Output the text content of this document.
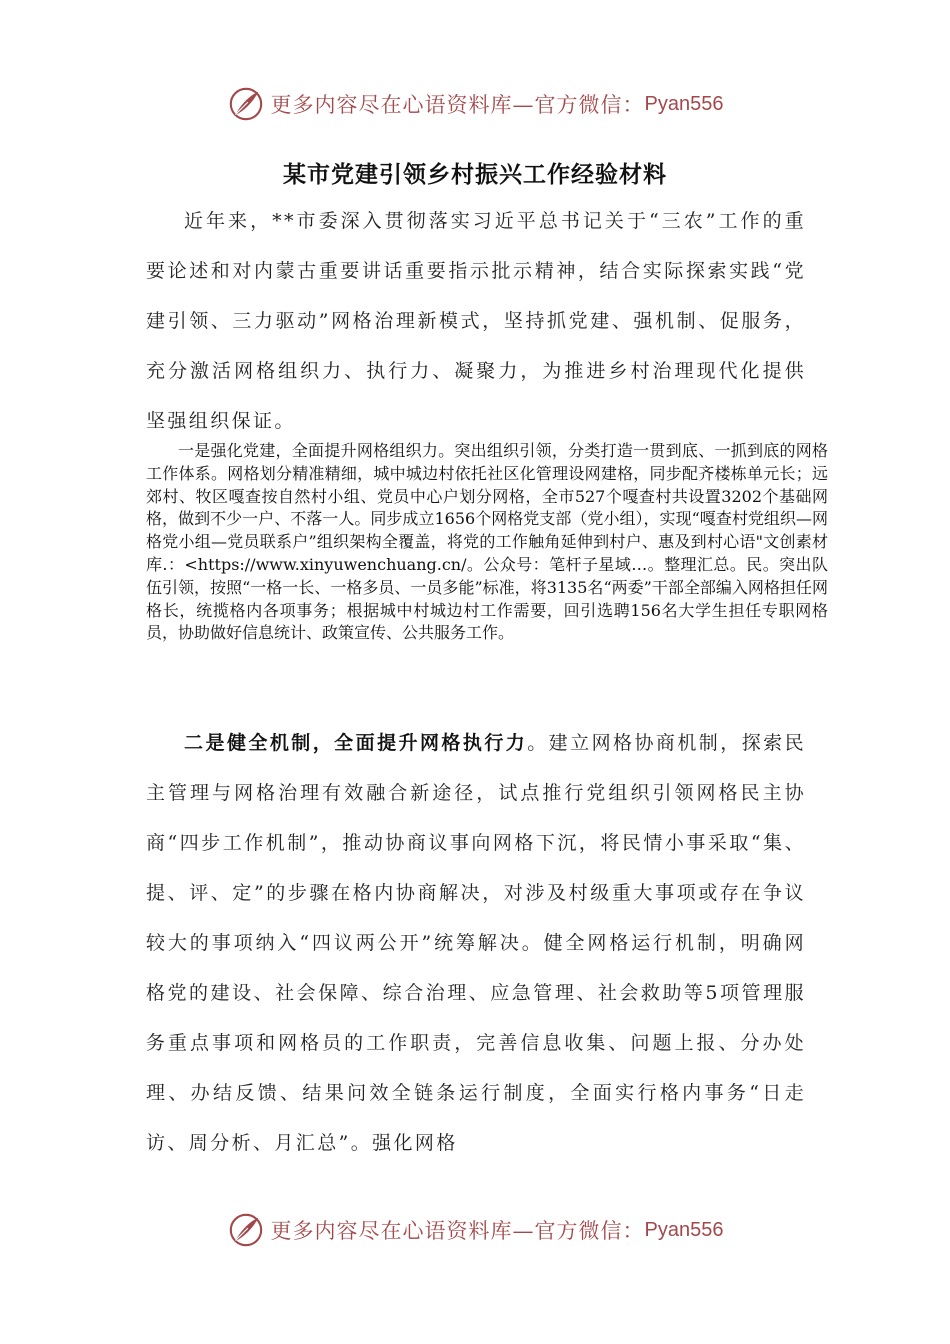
更多内容尽在心语资料库—官方微信： Pyan556
某市党建引领乡村振兴工作经验材料

近年来，**市委深入贯彻落实习近平总书记关于“三农”工作的重要论述和对内蒙古重要讲话重要指示批示精神，结合实际探索实践“党建引领、三力驱动”网格治理新模式，坚持抓党建、强机制、促服务，充分激活网格组织力、执行力、凝聚力，为推进乡村治理现代化提供坚强组织保证。

一是强化党建，全面提升网格组织力。突出组织引领，分类打造一贯到底、一抓到底的网格工作体系。网格划分精准精细，城中城边村依托社区化管理设网建格，同步配齐楼栋单元长；远郊村、牧区嘎查按自然村小组、党员中心户划分网格，全市527个嘎查村共设置3202个基础网格，做到不少一户、不落一人。同步成立1656个网格党支部（党小组），实现“嘎查村党组织—网格党小组—党员联系户”组织架构全覆盖，将党的工作触角延伸到村户、惠及到村心语"文创素材库.：<https://www.xinyuwenchuang.cn/。公众号：笔杆子星域…。整理汇总。民。突出队伍引领，按照“一格一长、一格多员、一员多能”标准，将3135名“两委”干部全部编入网格担任网格长，统揽格内各项事务；根据城中村城边村工作需要，回引选聘156名大学生担任专职网格员，协助做好信息统计、政策宣传、公共服务工作。

二是健全机制，全面提升网格执行力。建立网格协商机制，探索民主管理与网格治理有效融合新途径，试点推行党组织引领网格民主协商“四步工作机制”，推动协商议事向网格下沉，将民情小事采取“集、提、评、定”的步骤在格内协商解决，对涉及村级重大事项或存在争议较大的事项纳入“四议两公开”统筹解决。健全网格运行机制，明确网格党的建设、社会保障、综合治理、应急管理、社会救助等5项管理服务重点事项和网格员的工作职责，完善信息收集、问题上报、分办处理、办结反馈、结果问效全链条运行制度，全面实行格内事务“日走访、周分析、月汇总”。强化网格

更多内容尽在心语资料库—官方微信： Pyan556
